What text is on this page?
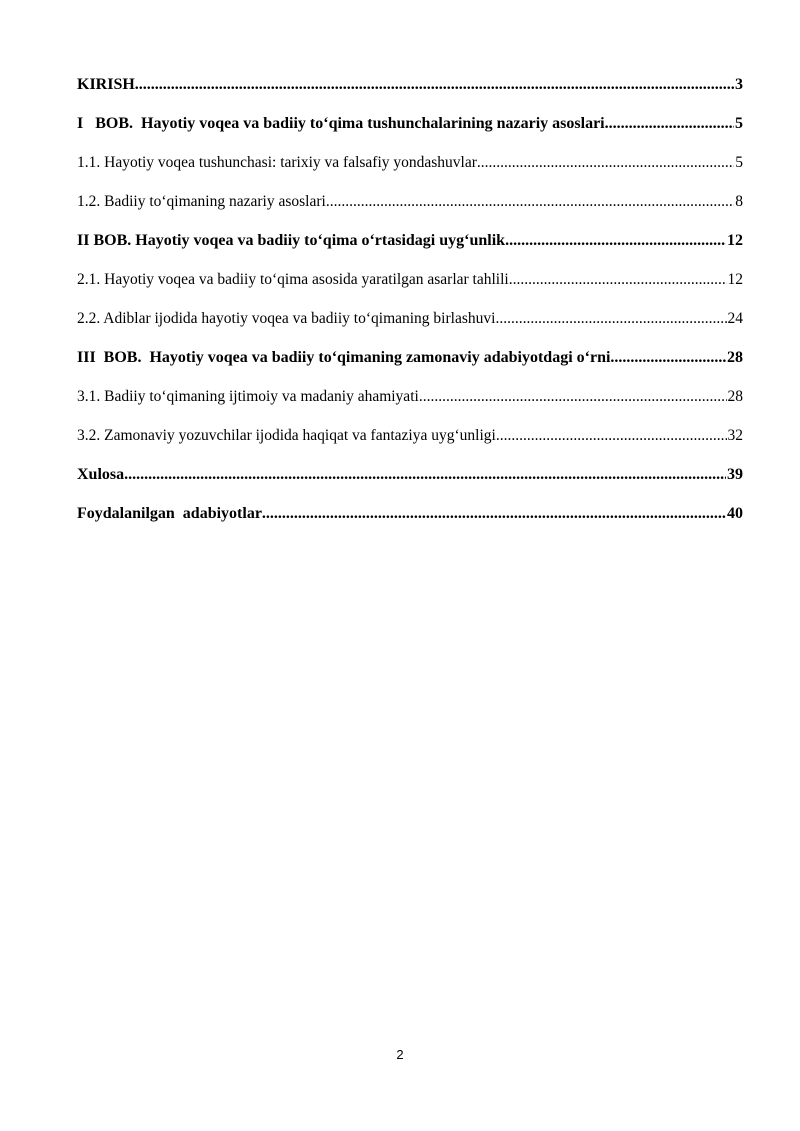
KIRISH .....	3
I   BOB.  Hayotiy voqea va badiiy to‘qima tushunchalarining nazariy asoslari .....	5
1.1. Hayotiy voqea tushunchasi: tarixiy va falsafiy yondashuvlar .....	5
1.2. Badiiy to‘qimaning nazariy asoslari .....	8
II BOB. Hayotiy voqea va badiiy to‘qima o‘rtasidagi uyg‘unlik .....	12
2.1. Hayotiy voqea va badiiy to‘qima asosida yaratilgan asarlar tahlili .....	12
2.2. Adiblar ijodida hayotiy voqea va badiiy to‘qimaning birlashuvi .....	24
III  BOB.  Hayotiy voqea va badiiy to‘qimaning zamonaviy adabiyotdagi o‘rni .....	28
3.1. Badiiy to‘qimaning ijtimoiy va madaniy ahamiyati .....	28
3.2. Zamonaviy yozuvchilar ijodida haqiqat va fantaziya uyg‘unligi .....	32
Xulosa .....	39
Foydalanilgan  adabiyotlar .....	40
2
